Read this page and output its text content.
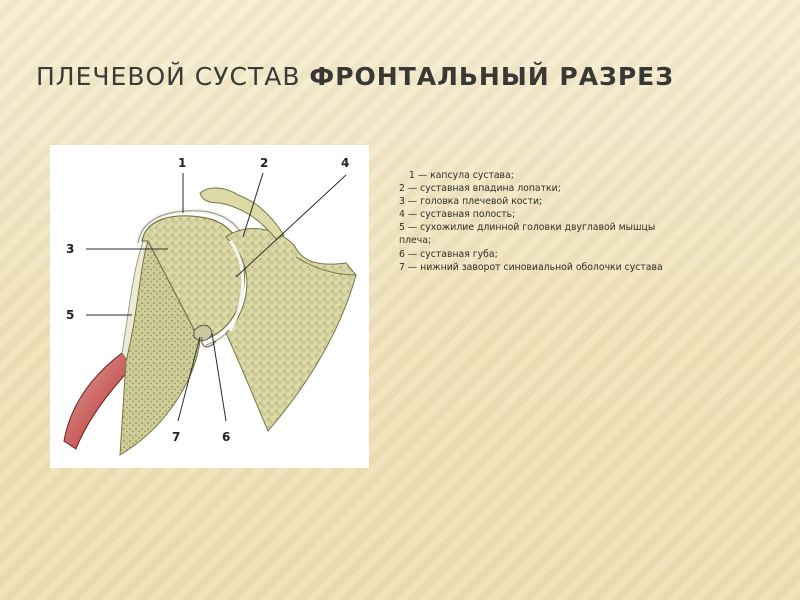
ПЛЕЧЕВОЙ СУСТАВ ФРОНТАЛЬНЫЙ РАЗРЕЗ
1	2	4
3
5
7	6
1 — капсула сустава;
2 — суставная впадина лопатки;
3 — головка плечевой кости;
4 — суставная полость;
5 — сухожилие длинной головки двуглавой мышцы
плеча;
6 — суставная губа;
7 — нижний заворот синовиальной оболочки сустава
